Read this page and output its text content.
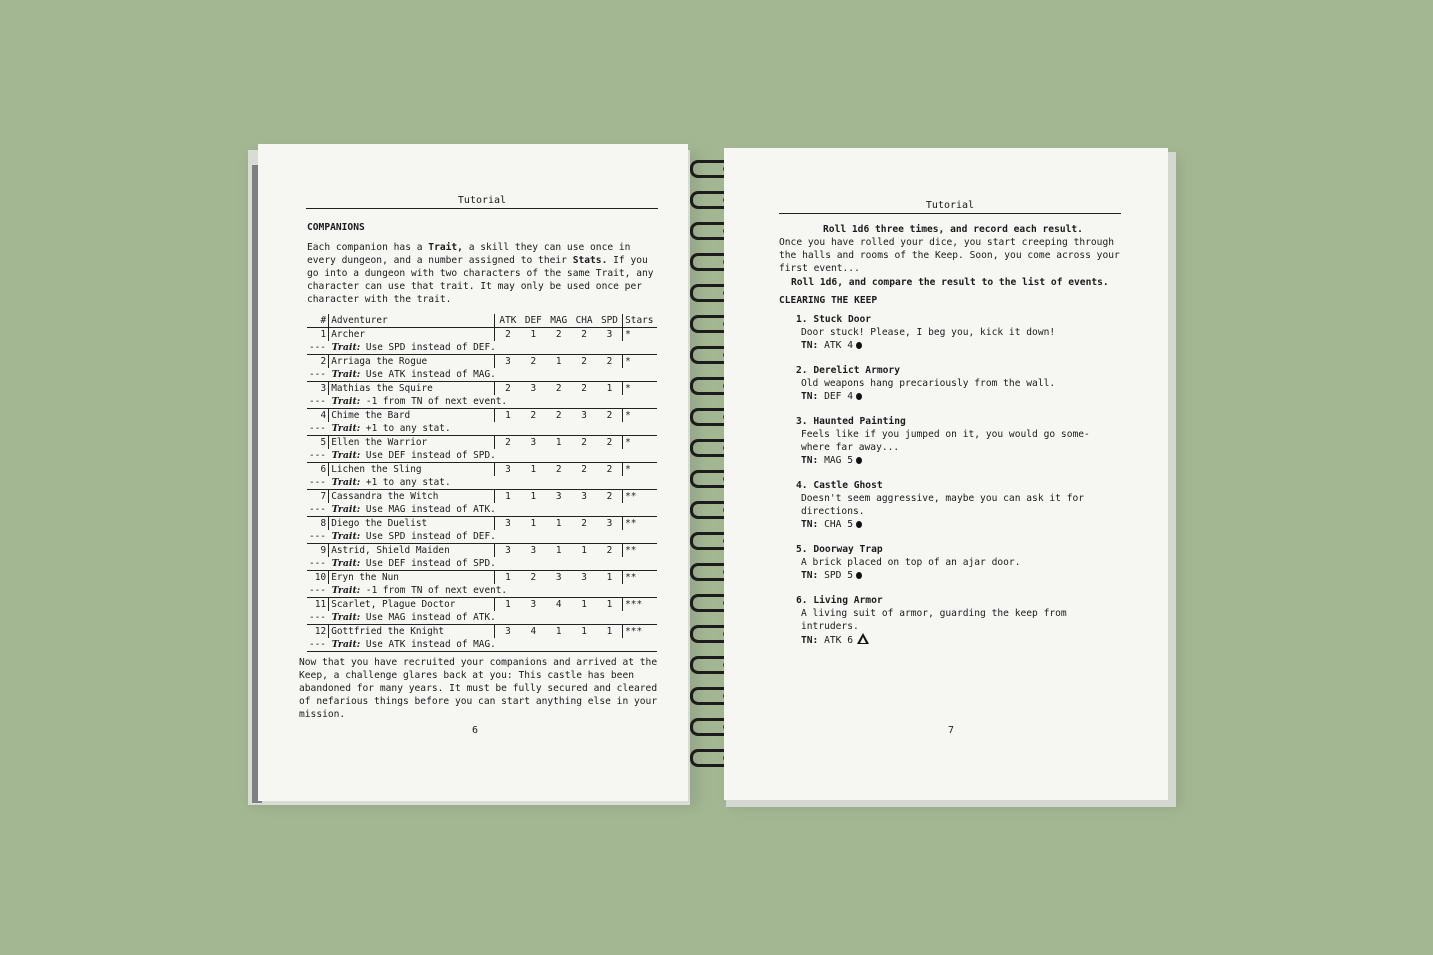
Tutorial
COMPANIONS
Each companion has a Trait, a skill they can use once in every dungeon, and a number assigned to their Stats. If you go into a dungeon with two characters of the same Trait, any character can use that trait. It may only be used once per character with the trait.
#	Adventurer	ATK	DEF	MAG	CHA	SPD	Stars
1	Archer	2	1	2	2	3	*
--- Trait: Use SPD instead of DEF.							
2	Arriaga the Rogue	3	2	1	2	2	*
--- Trait: Use ATK instead of MAG.							
3	Mathias the Squire	2	3	2	2	1	*
--- Trait: -1 from TN of next event.							
4	Chime the Bard	1	2	2	3	2	*
--- Trait: +1 to any stat.							
5	Ellen the Warrior	2	3	1	2	2	*
--- Trait: Use DEF instead of SPD.							
6	Lichen the Sling	3	1	2	2	2	*
--- Trait: +1 to any stat.							
7	Cassandra the Witch	1	1	3	3	2	**
--- Trait: Use MAG instead of ATK.							
8	Diego the Duelist	3	1	1	2	3	**
--- Trait: Use SPD instead of DEF.							
9	Astrid, Shield Maiden	3	3	1	1	2	**
--- Trait: Use DEF instead of SPD.							
10	Eryn the Nun	1	2	3	3	1	**
--- Trait: -1 from TN of next event.							
11	Scarlet, Plague Doctor	1	3	4	1	1	***
--- Trait: Use MAG instead of ATK.							
12	Gottfried the Knight	3	4	1	1	1	***
--- Trait: Use ATK instead of MAG.							
Now that you have recruited your companions and arrived at the Keep, a challenge glares back at you: This castle has been abandoned for many years. It must be fully secured and cleared of nefarious things before you can start anything else in your mission.
6
Tutorial
Roll 1d6 three times, and record each result.
Once you have rolled your dice, you start creeping through the halls and rooms of the Keep. Soon, you come across your first event...
Roll 1d6, and compare the result to the list of events.
CLEARING THE KEEP
1. Stuck Door
Door stuck! Please, I beg you, kick it down!
TN: ATK 4
2. Derelict Armory
Old weapons hang precariously from the wall.
TN: DEF 4
3. Haunted Painting
Feels like if you jumped on it, you would go some-where far away...
TN: MAG 5
4. Castle Ghost
Doesn't seem aggressive, maybe you can ask it for directions.
TN: CHA 5
5. Doorway Trap
A brick placed on top of an ajar door.
TN: SPD 5
6. Living Armor
A living suit of armor, guarding the keep from intruders.
TN: ATK 6
7
